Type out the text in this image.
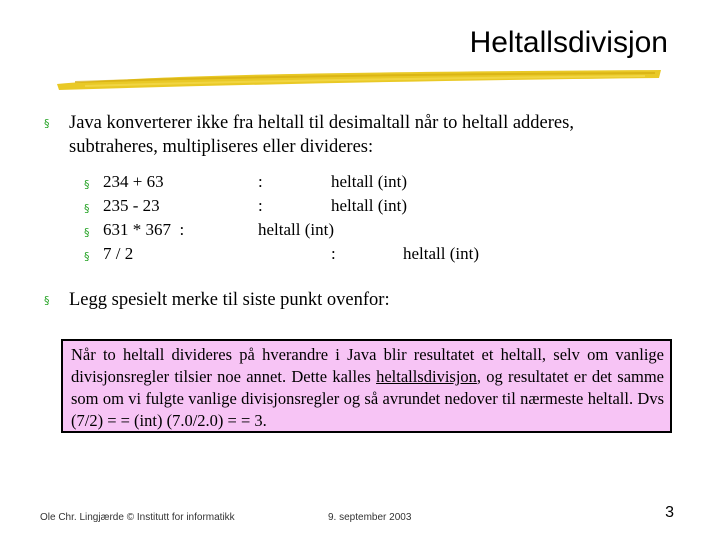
Heltallsdivisjon
§ Java konverterer ikke fra heltall til desimaltall når to heltall adderes,
subtraheres, multipliseres eller divideres:
§ 234 + 63	:	heltall (int)
§ 235 - 23	:	heltall (int)
§ 631 * 367  :	heltall (int)
§ 7 / 2	:	heltall (int)
§ Legg spesielt merke til siste punkt ovenfor:
Når to heltall divideres på hverandre i Java blir resultatet et heltall, selv om vanlige divisjonsregler tilsier noe annet. Dette kalles heltallsdivisjon, og resultatet er det samme som om vi fulgte vanlige divisjonsregler og så avrundet nedover til nærmeste heltall. Dvs (7/2) = = (int) (7.0/2.0) = = 3.
Ole Chr. Lingjærde © Institutt for informatikk	9. september 2003	3
